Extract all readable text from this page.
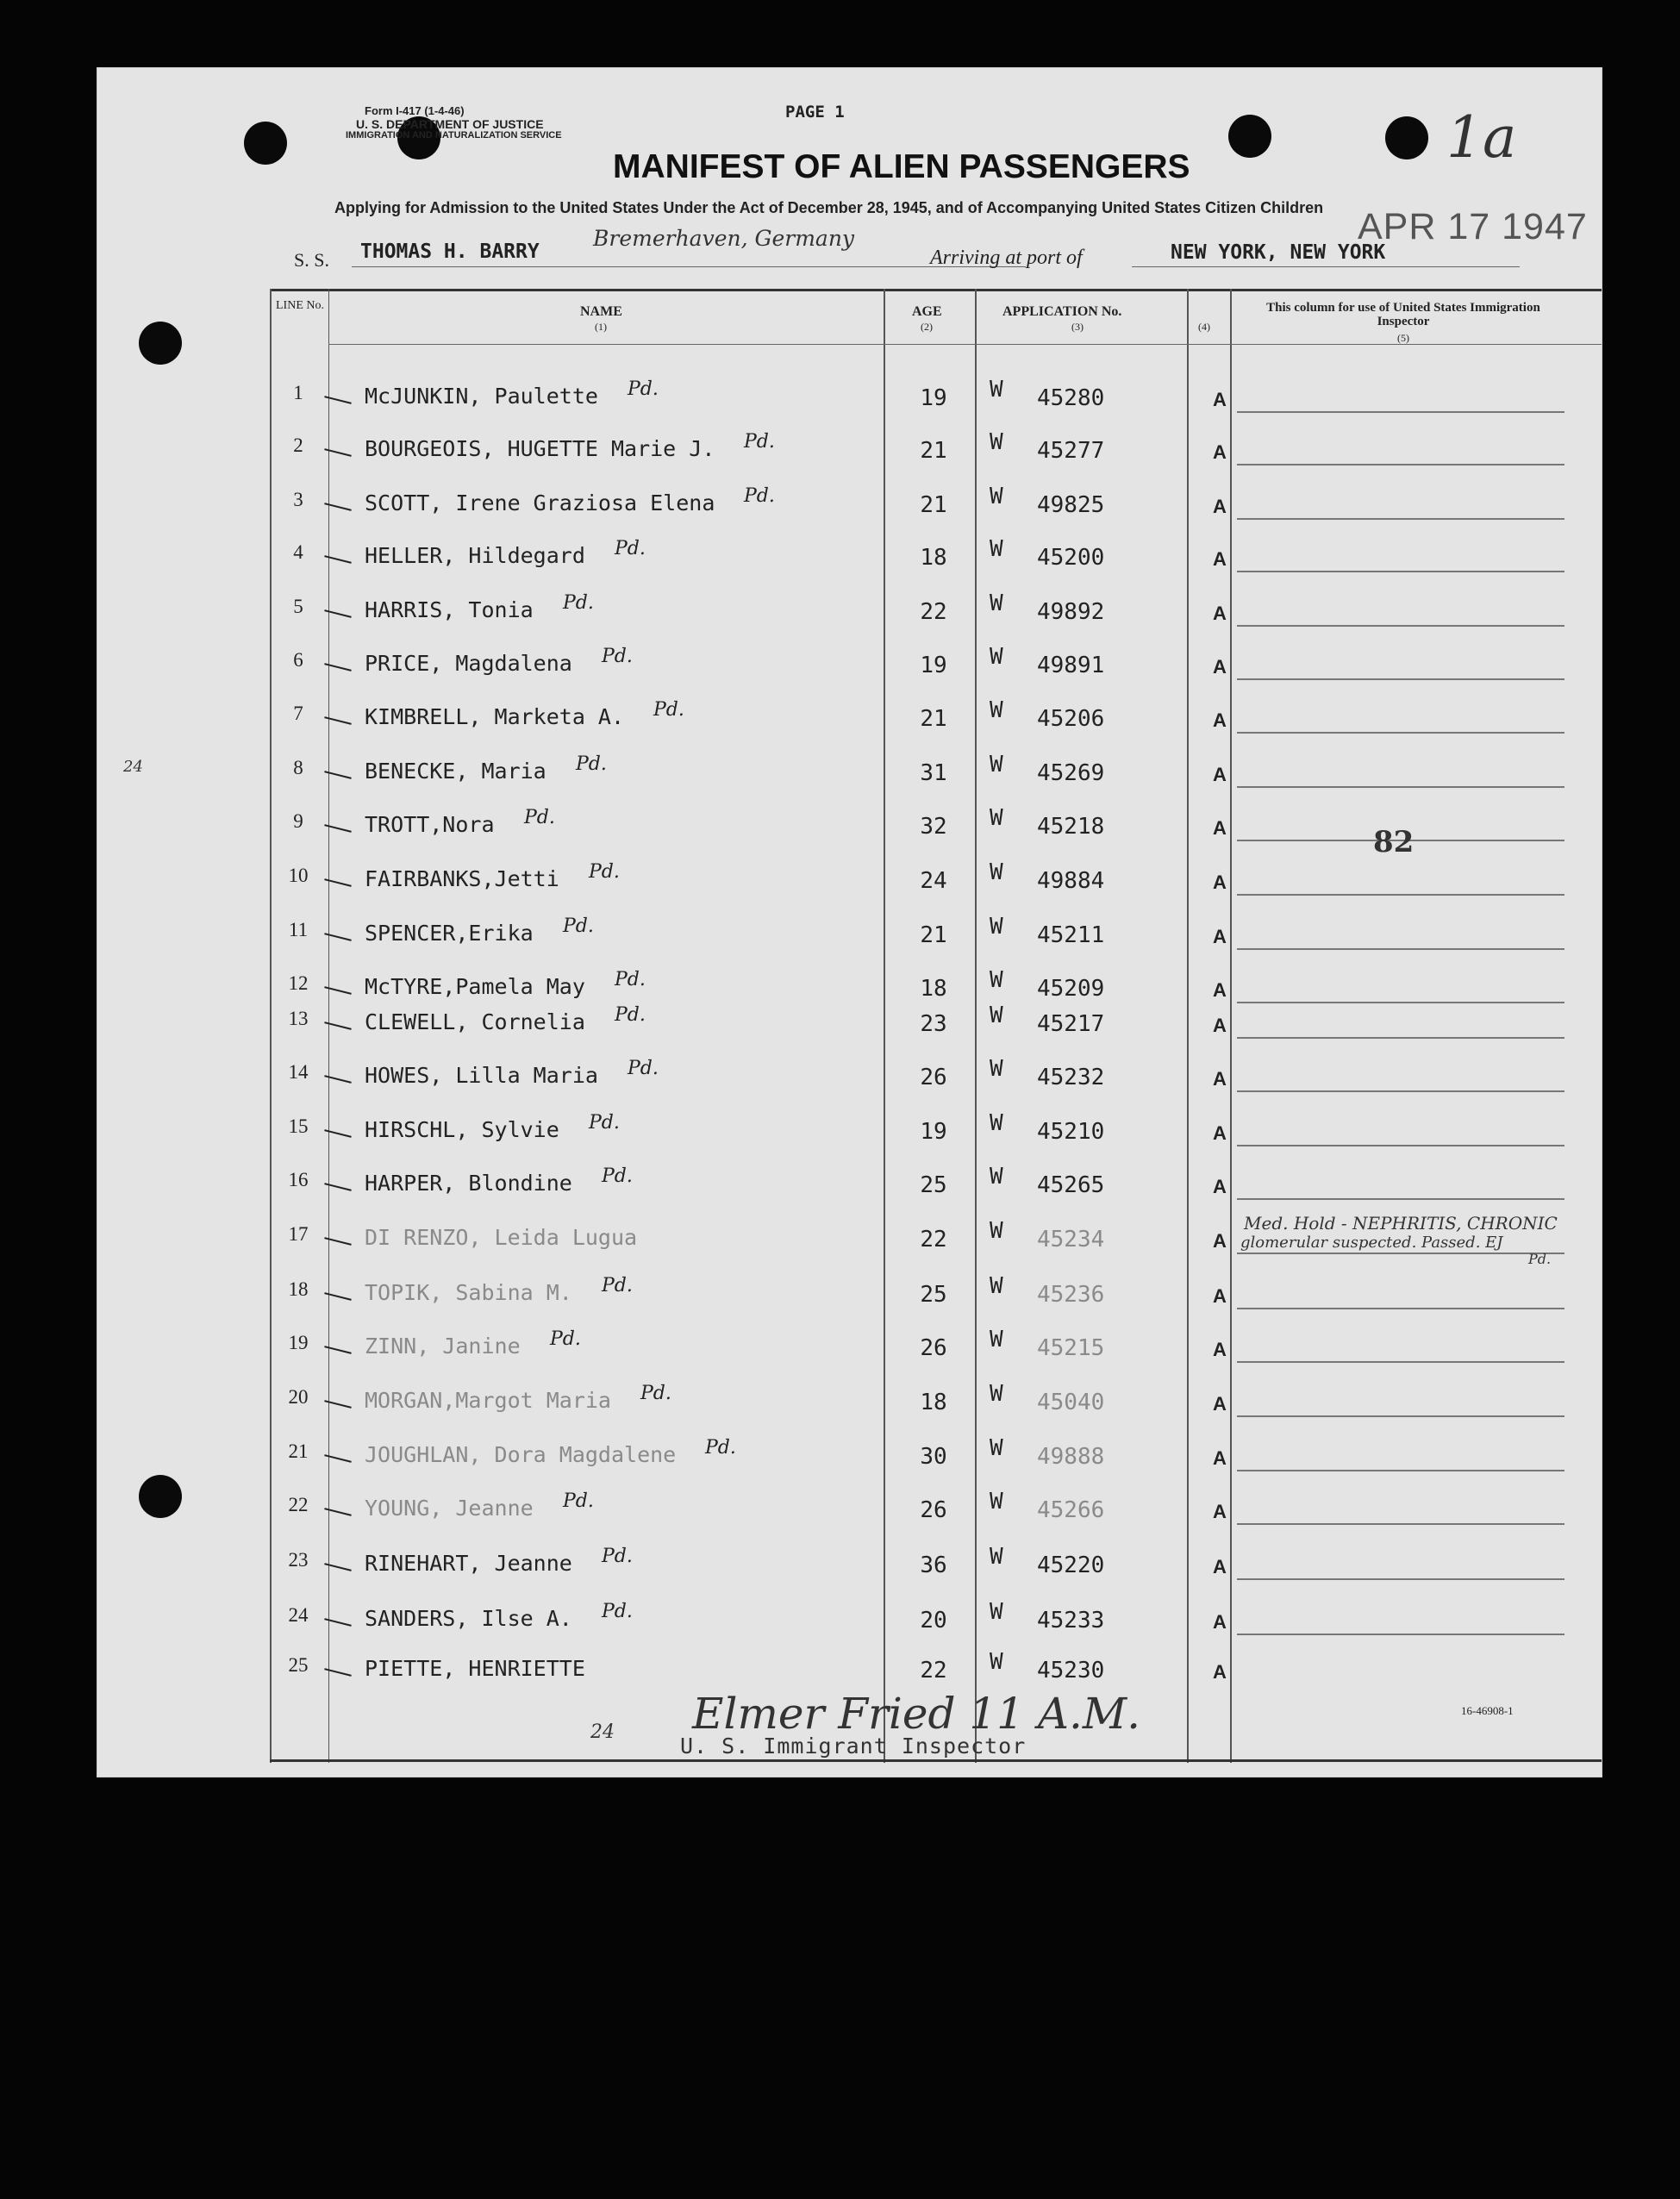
Form I-417 (1-4-46)
U. S. DEPARTMENT OF JUSTICE
IMMIGRATION AND NATURALIZATION SERVICE
PAGE 1	1a
MANIFEST OF ALIEN PASSENGERS
Applying for Admission to the United States Under the Act of December 28, 1945, and of Accompanying United States Citizen Children
S. S. THOMAS H. BARRY
Bremerhaven, Germany
Arriving at port of	NEW YORK, NEW YORK
APR 17 1947
LINE No.	NAME
(1)
AGE
(2)
APPLICATION No.
(3)	(4)
This column for use of United States Immigration Inspector
(5)
1	McJUNKIN, Paulette	19	W 45280	A
Pd.
2	BOURGEOIS, HUGETTE Marie J.	21	W 45277	A
Pd.
3	SCOTT, Irene Graziosa Elena	21	W 49825	A
Pd.
4	HELLER, Hildegard	18	W 45200	A
Pd.
5	HARRIS, Tonia	22	W 49892	A
Pd.
6	PRICE, Magdalena	19	W 49891	A
Pd.
7	KIMBRELL, Marketa A.	21	W 45206	A
Pd.
8	BENECKE, Maria	31	W 45269	A
Pd.
9	TROTT,Nora	32	W 45218	A
Pd.
10	FAIRBANKS,Jetti	24	W 49884	A
Pd.
11	SPENCER,Erika	21	W 45211	A
Pd.
12	McTYRE,Pamela May	18	W 45209	A
Pd.
13	CLEWELL, Cornelia	23	W 45217	A
Pd.
14	HOWES, Lilla Maria	26	W 45232	A
Pd.
15	HIRSCHL, Sylvie	19	W 45210	A
Pd.
16	HARPER, Blondine	25	W 45265	A
Pd.
17	DI RENZO, Leida Lugua	22	W 45234	A
18	TOPIK, Sabina M.	25	W 45236	A
Pd.
19	ZINN, Janine	26	W 45215	A
Pd.
20	MORGAN,Margot Maria	18	W 45040	A
Pd.
21	JOUGHLAN, Dora Magdalene	30	W 49888	A
Pd.
22	YOUNG, Jeanne	26	W 45266	A
Pd.
23	RINEHART, Jeanne	36	W 45220	A
Pd.
24	SANDERS, Ilse A.	20	W 45233	A
Pd.
25	PIETTE, HENRIETTE	22	W 45230	A
82
Med. Hold - NEPHRITIS, CHRONIC
glomerular suspected. Passed. EJ
Pd.
24
24 Elmer Fried 11 A.M.
U. S. Immigrant Inspector
16-46908-1
